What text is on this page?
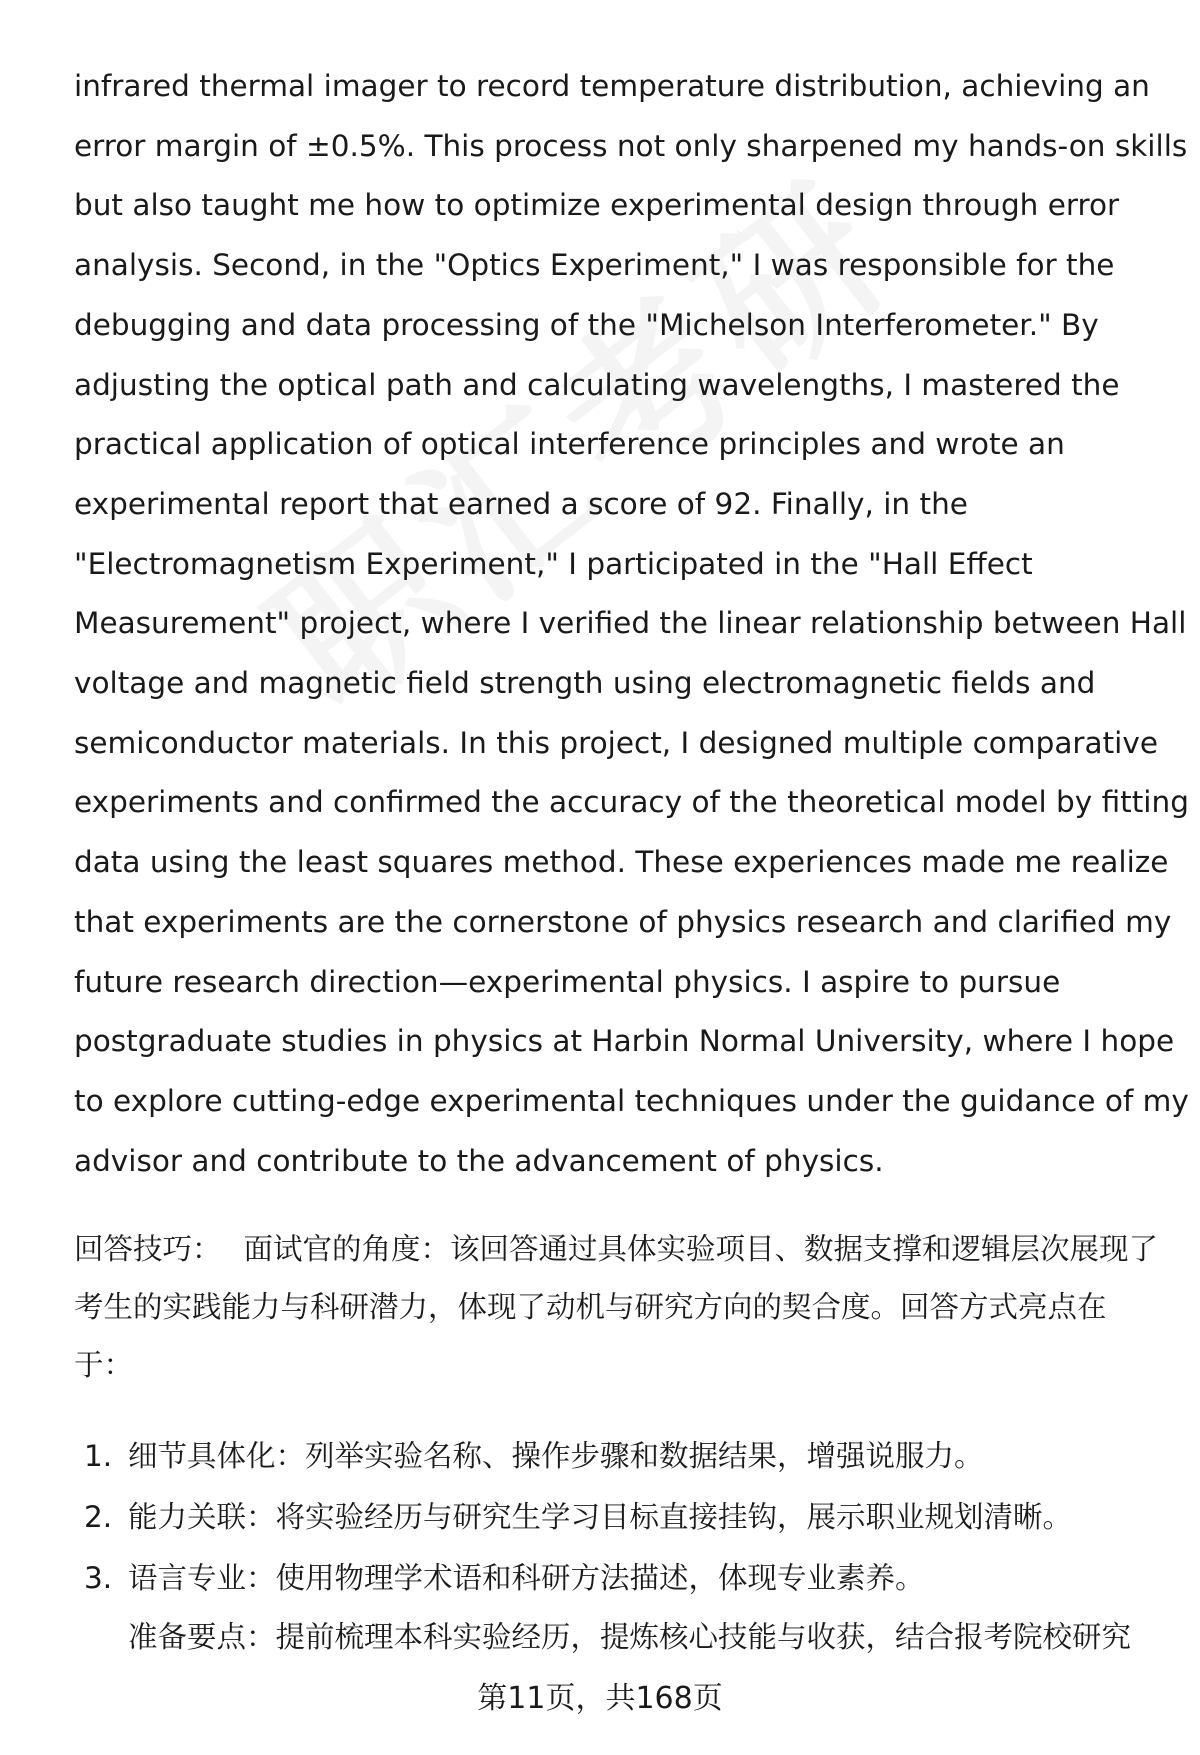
infrared thermal imager to record temperature distribution, achieving an
error margin of ±0.5%. This process not only sharpened my hands-on skills
but also taught me how to optimize experimental design through error
analysis. Second, in the "Optics Experiment," I was responsible for the
debugging and data processing of the "Michelson Interferometer." By
adjusting the optical path and calculating wavelengths, I mastered the
practical application of optical interference principles and wrote an
experimental report that earned a score of 92. Finally, in the
"Electromagnetism Experiment," I participated in the "Hall Effect
Measurement" project, where I verified the linear relationship between Hall
voltage and magnetic field strength using electromagnetic fields and
semiconductor materials. In this project, I designed multiple comparative
experiments and confirmed the accuracy of the theoretical model by fitting
data using the least squares method. These experiences made me realize
that experiments are the cornerstone of physics research and clarified my
future research direction—experimental physics. I aspire to pursue
postgraduate studies in physics at Harbin Normal University, where I hope
to explore cutting-edge experimental techniques under the guidance of my
advisor and contribute to the advancement of physics.

回答技巧： 面试官的角度：该回答通过具体实验项目、数据支撑和逻辑层次展现了
考生的实践能力与科研潜力，体现了动机与研究方向的契合度。回答方式亮点在
于：

1. 细节具体化：列举实验名称、操作步骤和数据结果，增强说服力。
2. 能力关联：将实验经历与研究生学习目标直接挂钩，展示职业规划清晰。
3. 语言专业：使用物理学术语和科研方法描述，体现专业素养。

准备要点：提前梳理本科实验经历，提炼核心技能与收获，结合报考院校研究

第11页，共168页
